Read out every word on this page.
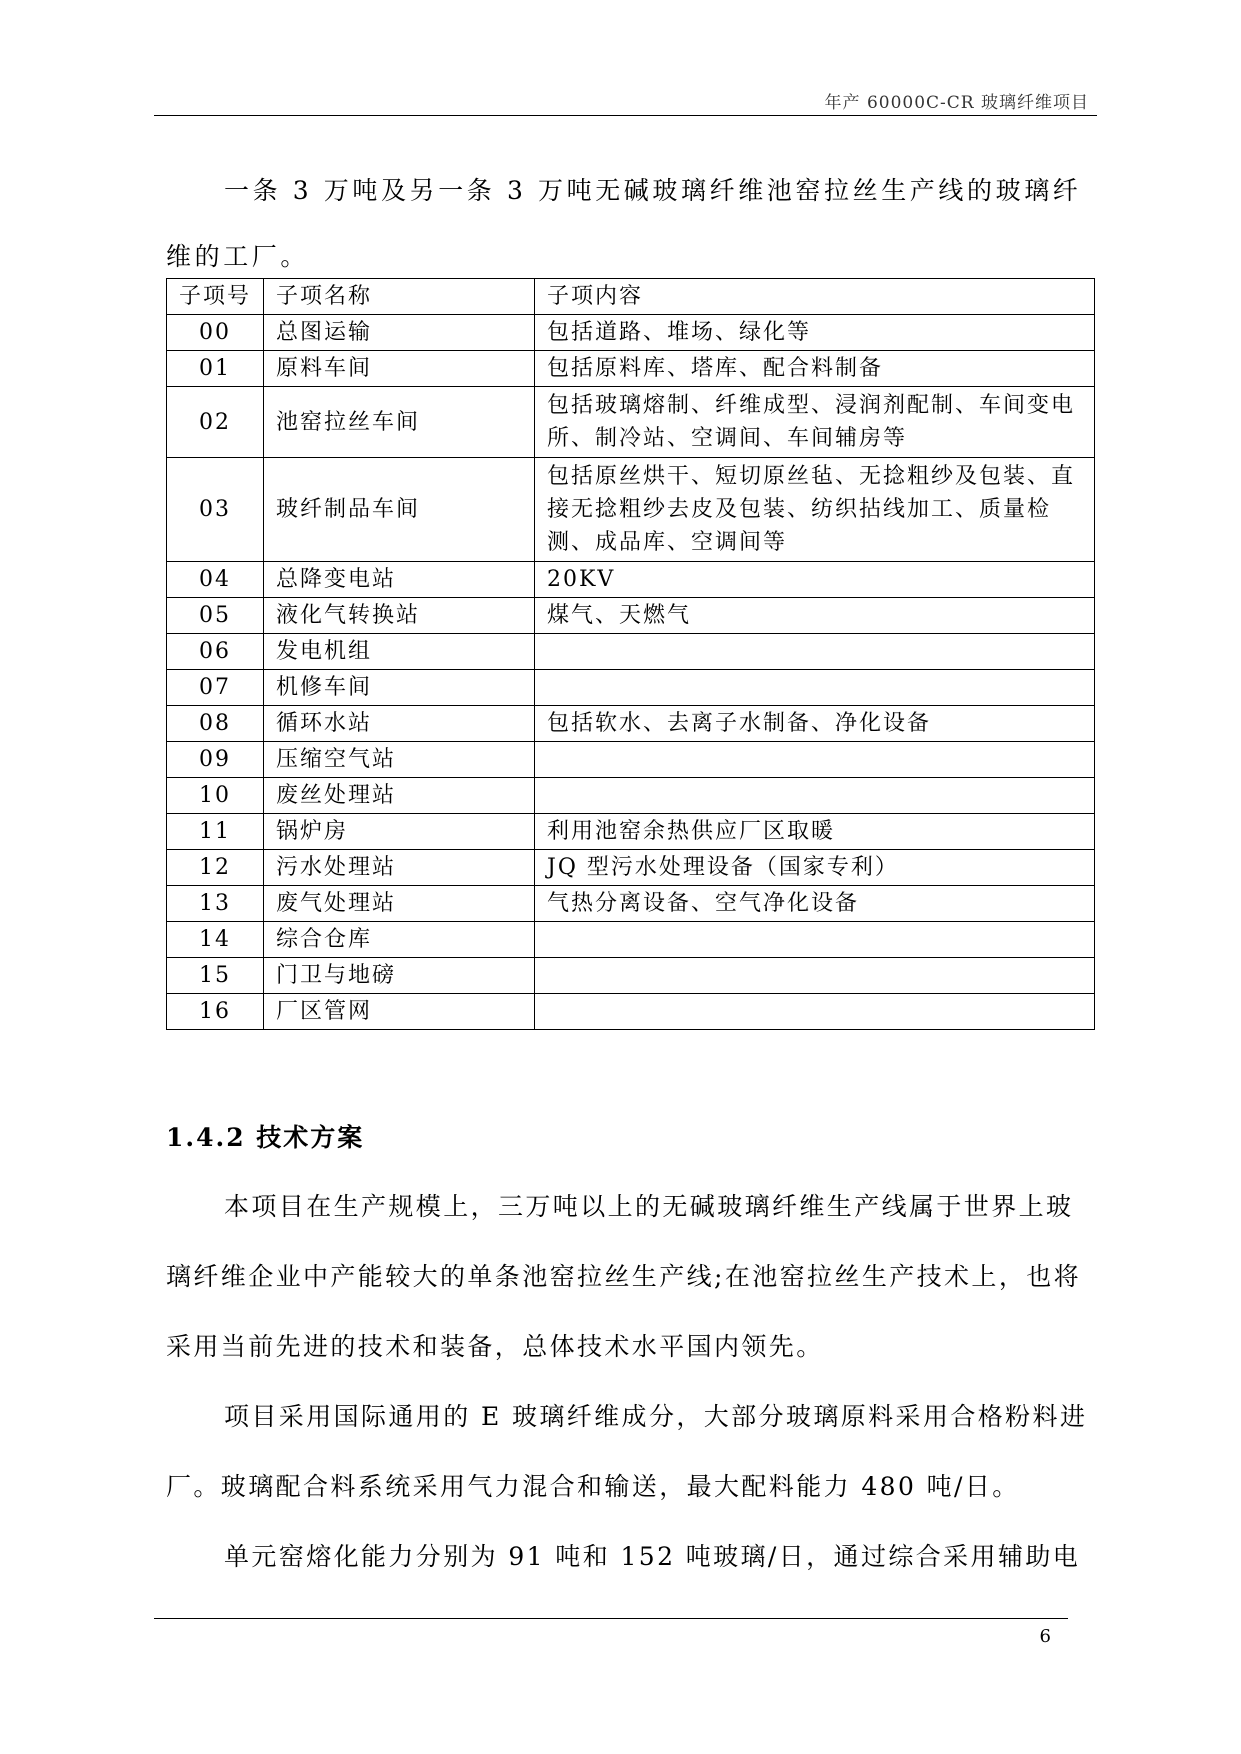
年产 60000C-CR 玻璃纤维项目

一条 3 万吨及另一条 3 万吨无碱玻璃纤维池窑拉丝生产线的玻璃纤维的工厂。

子项号	子项名称	子项内容
00	总图运输	包括道路、堆场、绿化等
01	原料车间	包括原料库、塔库、配合料制备
02	池窑拉丝车间	包括玻璃熔制、纤维成型、浸润剂配制、车间变电所、制冷站、空调间、车间辅房等
03	玻纤制品车间	包括原丝烘干、短切原丝毡、无捻粗纱及包装、直接无捻粗纱去皮及包装、纺织拈线加工、质量检测、成品库、空调间等
04	总降变电站	20KV
05	液化气转换站	煤气、天燃气
06	发电机组	
07	机修车间	
08	循环水站	包括软水、去离子水制备、净化设备
09	压缩空气站	
10	废丝处理站	
11	锅炉房	利用池窑余热供应厂区取暖
12	污水处理站	JQ 型污水处理设备（国家专利）
13	废气处理站	气热分离设备、空气净化设备
14	综合仓库	
15	门卫与地磅	
16	厂区管网	
1.4.2 技术方案

本项目在生产规模上，三万吨以上的无碱玻璃纤维生产线属于世界上玻璃纤维企业中产能较大的单条池窑拉丝生产线;在池窑拉丝生产技术上，也将采用当前先进的技术和装备，总体技术水平国内领先。

项目采用国际通用的 E 玻璃纤维成分，大部分玻璃原料采用合格粉料进厂。玻璃配合料系统采用气力混合和输送，最大配料能力 480 吨/日。

单元窑熔化能力分别为 91 吨和 152 吨玻璃/日，通过综合采用辅助电

6
